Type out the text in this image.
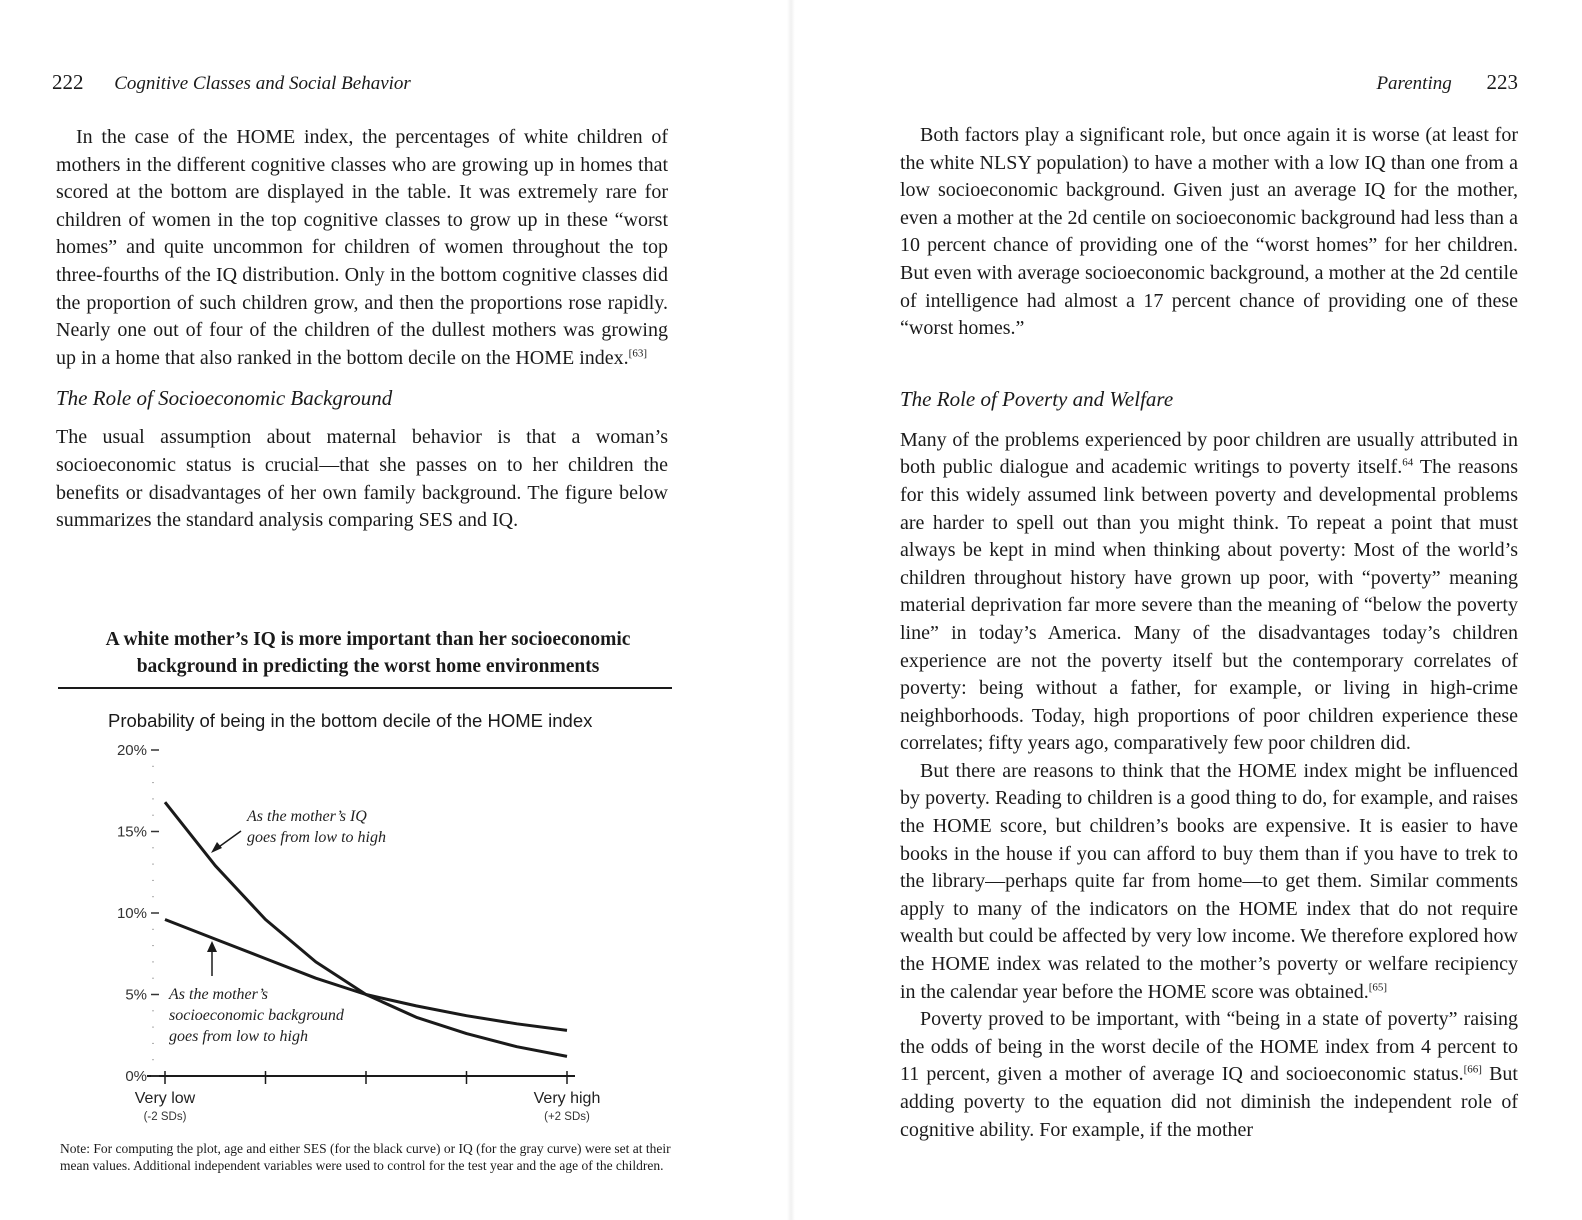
222 Cognitive Classes and Social Behavior

In the case of the HOME index, the percentages of white children of mothers in the different cognitive classes who are growing up in homes that scored at the bottom are displayed in the table. It was extremely rare for children of women in the top cognitive classes to grow up in these “worst homes” and quite uncommon for children of women throughout the top three-fourths of the IQ distribution. Only in the bottom cognitive classes did the proportion of such children grow, and then the proportions rose rapidly. Nearly one out of four of the children of the dullest mothers was growing up in a home that also ranked in the bottom decile on the HOME index.[63]

The Role of Socioeconomic Background

The usual assumption about maternal behavior is that a woman’s socioeconomic status is crucial—that she passes on to her children the benefits or disadvantages of her own family background. The figure below summarizes the standard analysis comparing SES and IQ.

A white mother’s IQ is more important than her socioeconomic background in predicting the worst home environments

Probability of being in the bottom decile of the HOME index

0%
5%
10%
15%
20%
Very low
(-2 SDs)
Very high
(+2 SDs)
As the mother’s IQ
goes from low to high
As the mother’s
socioeconomic background
goes from low to high

Note: For computing the plot, age and either SES (for the black curve) or IQ (for the gray curve) were set at their mean values. Additional independent variables were used to control for the test year and the age of the children.

Parenting 223

Both factors play a significant role, but once again it is worse (at least for the white NLSY population) to have a mother with a low IQ than one from a low socioeconomic background. Given just an average IQ for the mother, even a mother at the 2d centile on socioeconomic background had less than a 10 percent chance of providing one of the “worst homes” for her children. But even with average socioeconomic background, a mother at the 2d centile of intelligence had almost a 17 percent chance of providing one of these “worst homes.”

The Role of Poverty and Welfare

Many of the problems experienced by poor children are usually attributed in both public dialogue and academic writings to poverty itself.$^{64}$ The reasons for this widely assumed link between poverty and developmental problems are harder to spell out than you might think. To repeat a point that must always be kept in mind when thinking about poverty: Most of the world’s children throughout history have grown up poor, with “poverty” meaning material deprivation far more severe than the meaning of “below the poverty line” in today’s America. Many of the disadvantages today’s children experience are not the poverty itself but the contemporary correlates of poverty: being without a father, for example, or living in high-crime neighborhoods. Today, high proportions of poor children experience these correlates; fifty years ago, comparatively few poor children did.

But there are reasons to think that the HOME index might be influenced by poverty. Reading to children is a good thing to do, for example, and raises the HOME score, but children’s books are expensive. It is easier to have books in the house if you can afford to buy them than if you have to trek to the library—perhaps quite far from home—to get them. Similar comments apply to many of the indicators on the HOME index that do not require wealth but could be affected by very low income. We therefore explored how the HOME index was related to the mother’s poverty or welfare recipiency in the calendar year before the HOME score was obtained.[65]

Poverty proved to be important, with “being in a state of poverty” raising the odds of being in the worst decile of the HOME index from 4 percent to 11 percent, given a mother of average IQ and socioeconomic status.[66] But adding poverty to the equation did not diminish the independent role of cognitive ability. For example, if the mother
